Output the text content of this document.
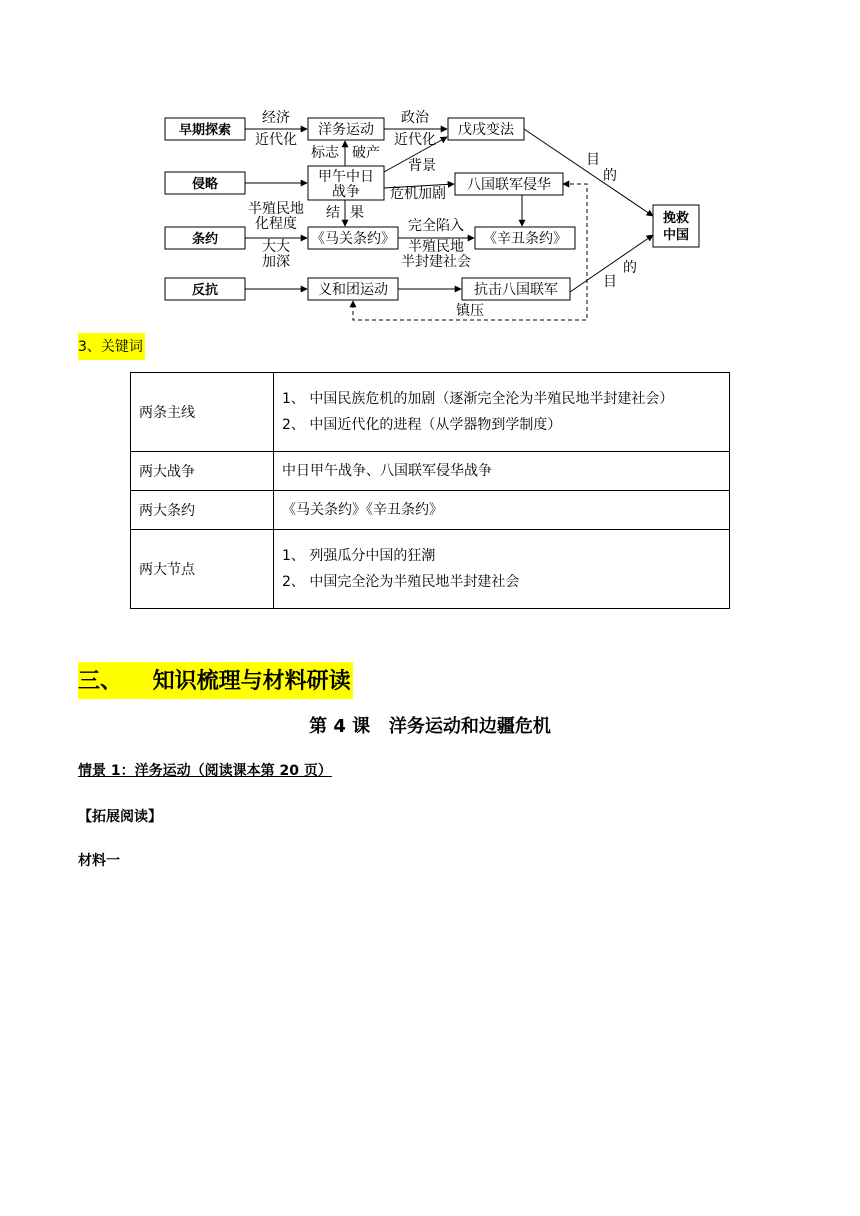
早期探索
侵略
条约
反抗
洋务运动
甲午中日
战争
《马关条约》
义和团运动
戊戌变法
八国联军侵华
《辛丑条约》
抗击八国联军
挽救
中国
经济
近代化
政治
近代化
标志 破产
背景
危机加剧
结 果
半殖民地
化程度
大大
加深
完全陷入
半殖民地
半封建社会
镇压
目
的
的
目
3、关键词
两条主线	1、 中国民族危机的加剧（逐渐完全沦为半殖民地半封建社会）
2、 中国近代化的进程（从学器物到学制度）

两大战争	中日甲午战争、八国联军侵华战争

两大条约	《马关条约》《辛丑条约》

两大节点	1、 列强瓜分中国的狂潮
2、 中国完全沦为半殖民地半封建社会
三、    知识梳理与材料研读
第 4 课   洋务运动和边疆危机
情景 1：洋务运动（阅读课本第 20 页）
【拓展阅读】
材料一
